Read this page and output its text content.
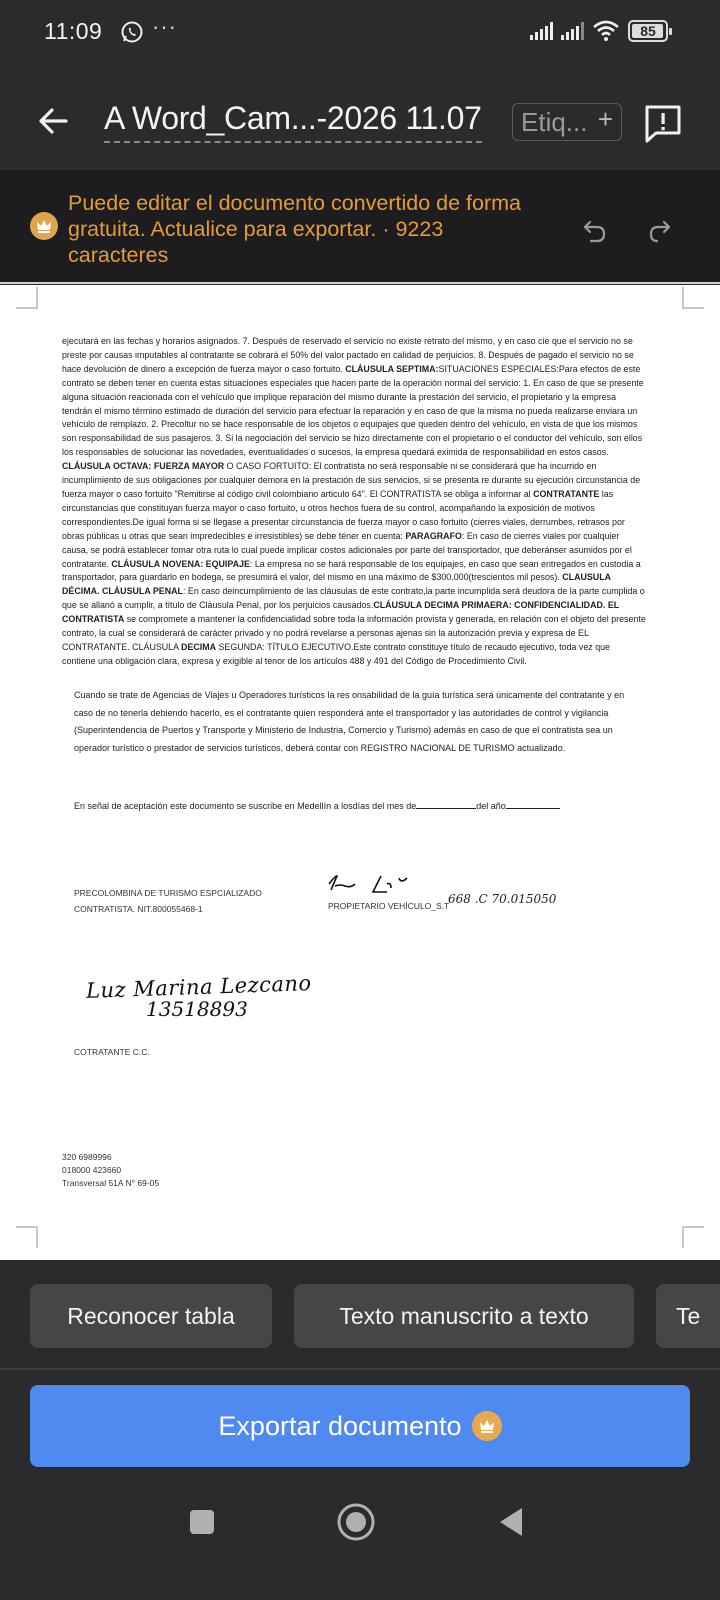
11:09 ···	85
A Word_Cam...-2026 11.07 Etiq... +
Puede editar el documento convertido de forma gratuita. Actualice para exportar. · 9223 caracteres

ejecutará en las fechas y horarios asignados. 7. Después de reservado el servicio no existe retrato del mismo, y en caso cie que el servicio no se preste por causas imputables al contratante se cobrará el 50% del valor pactado en calidad de perjuicios. 8. Después de pagado el servicio no se hace devolución de dinero a excepción de fuerza mayor o caso fortuito. CLÁUSULA SEPTIMA:SITUACIONES ESPECIALES:Para efectos de este contrato se deben tener en cuenta estas situaciones especiales que hacen parte de la operación normal del servicio: 1. En caso de que se presente alguna situación reacionada con el vehículo que implique reparación del mismo durante la prestación del servicio, el propietario y la empresa tendrán el mismo término estimado de duración del servicio para efectuar la reparación y en caso de que la misma no pueda realizarse enviara un vehículo de remplazo. 2. Precoltur no se hace responsable de los objetos o equipajes que queden dentro del vehículo, en vista de que los mismos son responsabilidad de sus pasajeros. 3. Si la negociación del servicio se hizo directamente con el propietario o el conductor del vehículo, son ellos los responsables de solucionar las novedades, eventualidades o sucesos, la empresa quedará eximida de responsabilidad en estos casos. CLÁUSULA OCTAVA: FUERZA MAYOR O CASO FORTUITO: El contratista no será responsable ni se considerará que ha incurrido en incumplimiento de sus obligaciones por cualquier demora en la prestación de sus servicios, si se presenta re durante su ejecución circunstancia de fuerza mayor o caso fortuito "Remitirse al código civil colombiano articulo 64". El CONTRATISTA se obliga a informar al CONTRATANTE las circunstancias que constituyan fuerza mayor o caso fortuito, u otros hechos fuera de su control, acompañando la exposición de motivos correspondientes.De igual forma si se llegase a presentar circunstancia de fuerza mayor o caso fortuito (cierres viales, derrumbes, retrasos por obras públicas u otras que sean impredecibles e irresistibles) se debe téner en cuenta: PARAGRAFO: En caso de cierres viales por cualquier causa, se podrá establecer tomar otra ruta lo cual puede implicar costos adicionales por parte del transportador, que deberánser asumidos por el contratante. CLÁUSULA NOVENA: EQUIPAJE: La empresa no se hará responsable de los equipajes, en caso que sean entregados en custodia a transportador, para guardarlo en bodega, se presumirá el valor, del mismo en una máximo de $300.000(trescientos mil pesos). CLAUSULA DÉCIMA. CLÁUSULA PENAL: En caso deincumplimiento de las cláusulas de este contrato,la parte incumplida será deudora de la parte cumplida o que se allanó a cumplir, a título de Cláusula Penal, por los perjuicios causados.CLÁUSULA DECIMA PRIMAERA: CONFIDENCIALIDAD. EL CONTRATISTA se compromete a mantener la confidencialidad sobre toda la información provista y generada, en relación con el objeto del presente contrato, la cual se considerará de carácter privado y no podrá revelarse a personas ajenas sin la autorización previa y expresa de EL CONTRATANTE. CLÁUSULA DECIMA SEGUNDA: TÍTULO EJECUTIVO.Este contrato constituye título de recaudo ejecutivo, toda vez que contiene una obligación clara, expresa y exigible al tenor de los artículos 488 y 491 del Código de Procedimiento Civil.

Cuando se trate de Agencias de Viajes u Operadores turísticos la res onsabilidad de la guía turística será únicamente del contratante y en caso de no tenerla debiendo hacerlo, es el contratante quien responderá ante el transportador y las autoridades de control y vigilancia (Superintendencia de Puertos y Transporte y Ministerio de Industria, Comercio y Turismo) además en caso de que el contratista sea un operador turístico o prestador de servicios turísticos, deberá contar con REGISTRO NACIONAL DE TURISMO actualizado.

En señal de aceptación este documento se suscribe en Medellín a losdías del mes de	del año
PRECOLOMBINA DE TURISMO ESPCIALIZADO
CONTRATISTA. NIT.800055468-1	PROPIETARIO VEHÍCULO_S.T
668 .C 70.015050
Luz Marina Lezcano
13518893
COTRATANTE C.C.
320 6989996
018000 423660
Transversal 51A N° 69-05
Reconocer tabla	Texto manuscrito a texto	Te
Exportar documento
